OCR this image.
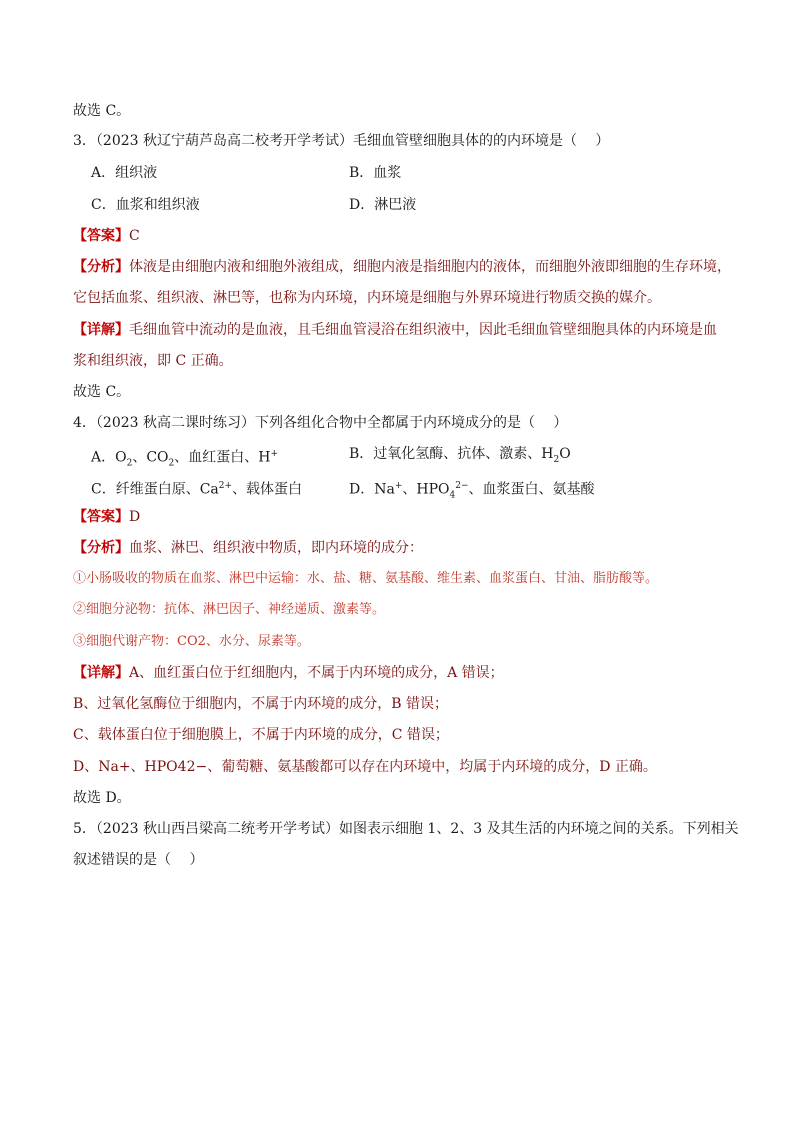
故选 C。
3．（2023 秋辽宁葫芦岛高二校考开学考试）毛细血管壁细胞具体的的内环境是（　 ）
A．组织液	B．血浆
C．血浆和组织液	D．淋巴液
【答案】C
【分析】体液是由细胞内液和细胞外液组成，细胞内液是指细胞内的液体，而细胞外液即细胞的生存环境，
它包括血浆、组织液、淋巴等，也称为内环境，内环境是细胞与外界环境进行物质交换的媒介。
【详解】毛细血管中流动的是血液，且毛细血管浸浴在组织液中，因此毛细血管壁细胞具体的内环境是血
浆和组织液，即 C 正确。
故选 C。
4．（2023 秋高二课时练习）下列各组化合物中全都属于内环境成分的是（　 ）
A．$O_2$、$CO_2$、血红蛋白、H+	B．过氧化氢酶、抗体、激素、$H_2O$
C．纤维蛋白原、$Ca^{2+}$、载体蛋白	D．Na+、$HPO_4^{2-}$、血浆蛋白、氨基酸
【答案】D
【分析】血浆、淋巴、组织液中物质，即内环境的成分：
①小肠吸收的物质在血浆、淋巴中运输：水、盐、糖、氨基酸、维生素、血浆蛋白、甘油、脂肪酸等。
②细胞分泌物：抗体、淋巴因子、神经递质、激素等。
③细胞代谢产物：CO2、水分、尿素等。
【详解】A、血红蛋白位于红细胞内，不属于内环境的成分，A 错误；
B、过氧化氢酶位于细胞内，不属于内环境的成分，B 错误；
C、载体蛋白位于细胞膜上，不属于内环境的成分，C 错误；
D、Na+、HPO42−、葡萄糖、氨基酸都可以存在内环境中，均属于内环境的成分，D 正确。
故选 D。
5．（2023 秋山西吕梁高二统考开学考试）如图表示细胞 1、2、3 及其生活的内环境之间的关系。下列相关
叙述错误的是（　 ）
